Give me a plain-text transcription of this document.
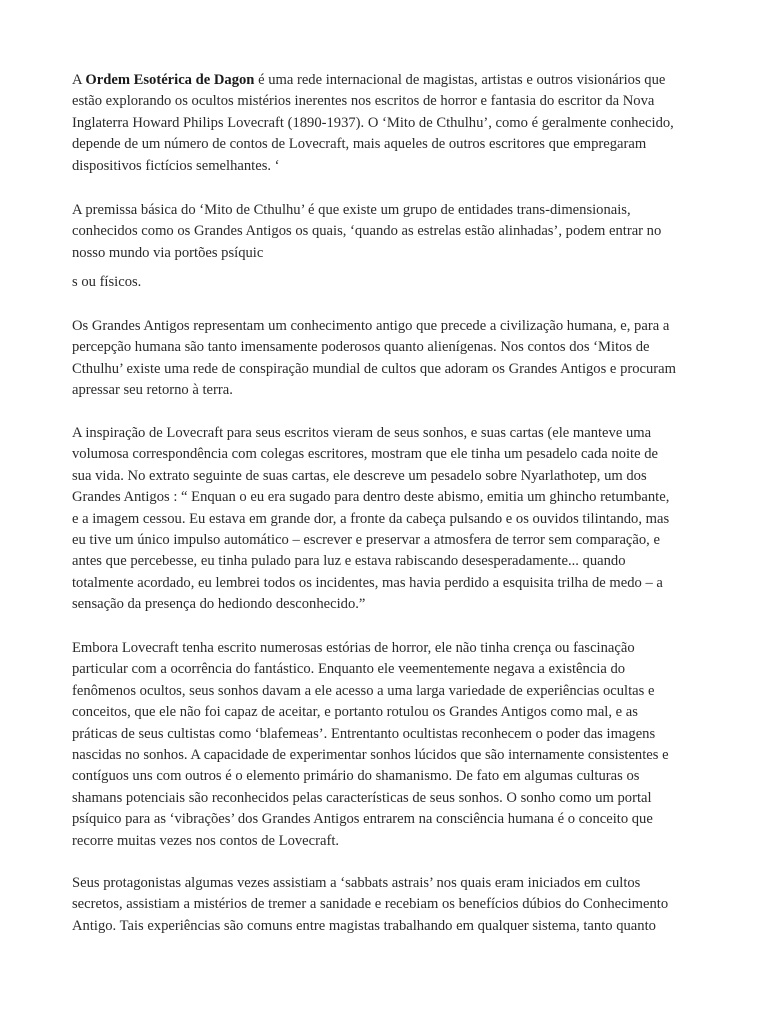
A Ordem Esotérica de Dagon é uma rede internacional de magistas, artistas e outros visionários que
estão explorando os ocultos mistérios inerentes nos escritos de horror e fantasia do escritor da Nova
Inglaterra Howard Philips Lovecraft (1890-1937). O ‘Mito de Cthulhu’, como é geralmente conhecido,
depende de um número de contos de Lovecraft, mais aqueles de outros escritores que empregaram
dispositivos fictícios semelhantes. ‘

A premissa básica do ‘Mito de Cthulhu’ é que existe um grupo de entidades trans-dimensionais,
conhecidos como os Grandes Antigos os quais, ‘quando as estrelas estão alinhadas’, podem entrar no
nosso mundo via portões psíquic

s ou físicos.

Os Grandes Antigos representam um conhecimento antigo que precede a civilização humana, e, para a
percepção humana são tanto imensamente poderosos quanto alienígenas. Nos contos dos ‘Mitos de
Cthulhu’ existe uma rede de conspiração mundial de cultos que adoram os Grandes Antigos e procuram
apressar seu retorno à terra.

A inspiração de Lovecraft para seus escritos vieram de seus sonhos, e suas cartas (ele manteve uma
volumosa correspondência com colegas escritores, mostram que ele tinha um pesadelo cada noite de
sua vida. No extrato seguinte de suas cartas, ele descreve um pesadelo sobre Nyarlathotep, um dos
Grandes Antigos : “ Enquan o eu era sugado para dentro deste abismo, emitia um ghincho retumbante,
e a imagem cessou. Eu estava em grande dor, a fronte da cabeça pulsando e os ouvidos tilintando, mas
eu tive um único impulso automático – escrever e preservar a atmosfera de terror sem comparação, e
antes que percebesse, eu tinha pulado para luz e estava rabiscando desesperadamente... quando
totalmente acordado, eu lembrei todos os incidentes, mas havia perdido a esquisita trilha de medo – a
sensação da presença do hediondo desconhecido.”

Embora Lovecraft tenha escrito numerosas estórias de horror, ele não tinha crença ou fascinação
particular com a ocorrência do fantástico. Enquanto ele veementemente negava a existência do
fenômenos ocultos, seus sonhos davam a ele acesso a uma larga variedade de experiências ocultas e
conceitos, que ele não foi capaz de aceitar, e portanto rotulou os Grandes Antigos como mal, e as
práticas de seus cultistas como ‘blafemeas’. Entrentanto ocultistas reconhecem o poder das imagens
nascidas no sonhos. A capacidade de experimentar sonhos lúcidos que são internamente consistentes e
contíguos uns com outros é o elemento primário do shamanismo. De fato em algumas culturas os
shamans potenciais são reconhecidos pelas características de seus sonhos. O sonho como um portal
psíquico para as ‘vibrações’ dos Grandes Antigos entrarem na consciência humana é o conceito que
recorre muitas vezes nos contos de Lovecraft.

Seus protagonistas algumas vezes assistiam a ‘sabbats astrais’ nos quais eram iniciados em cultos
secretos, assistiam a mistérios de tremer a sanidade e recebiam os benefícios dúbios do Conhecimento
Antigo. Tais experiências são comuns entre magistas trabalhando em qualquer sistema, tanto quanto
